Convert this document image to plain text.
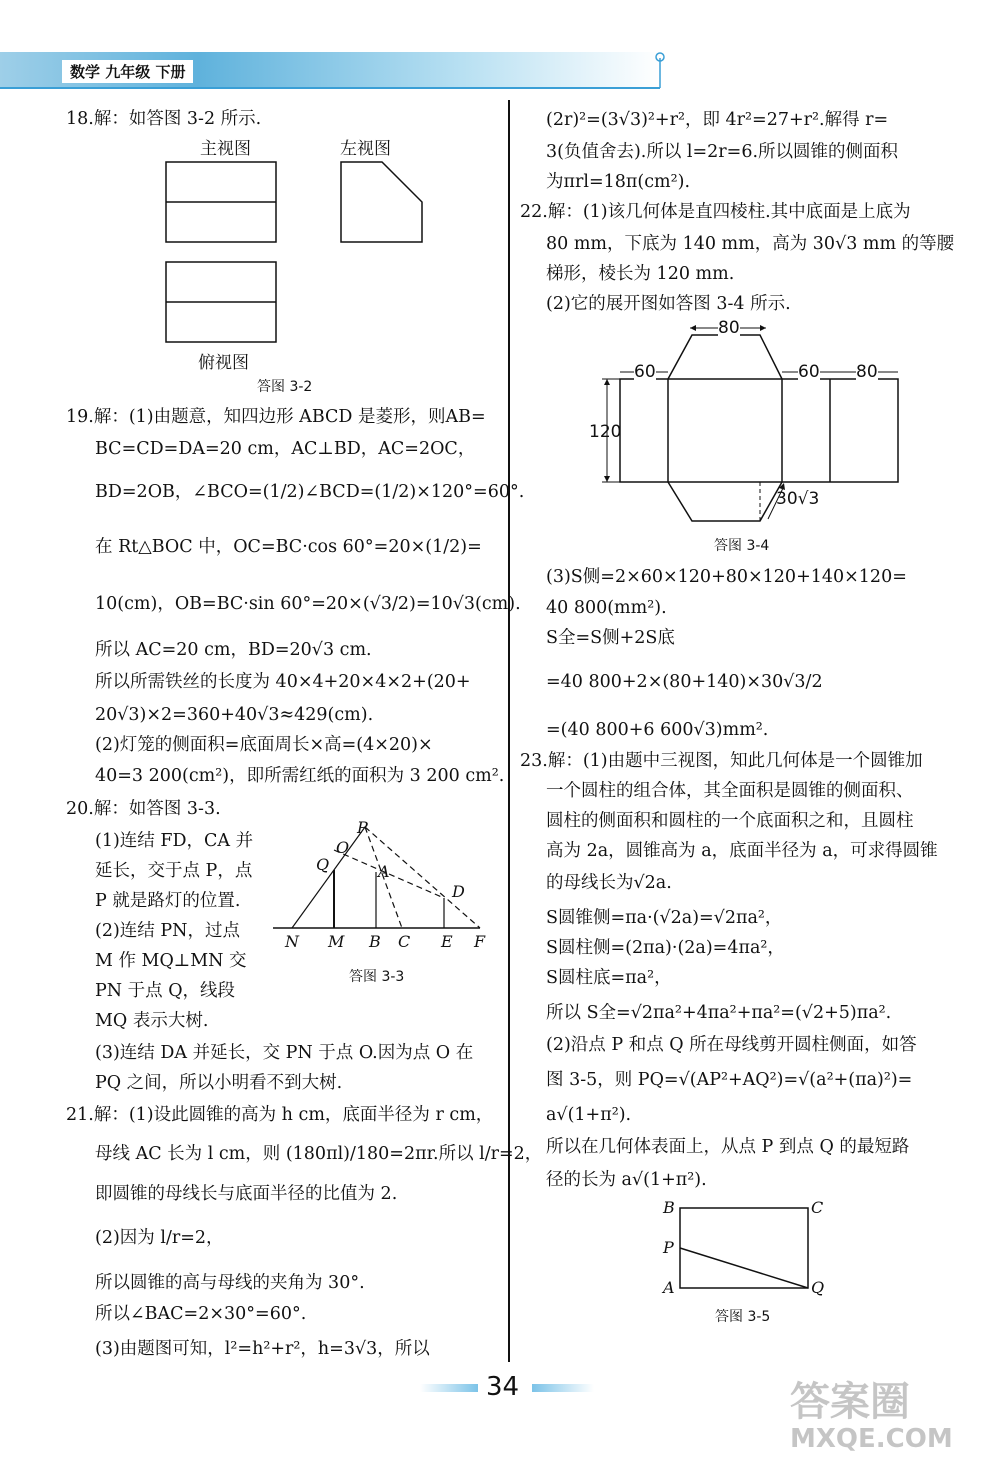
数学 九年级 下册
18.解：如答图 3-2 所示.
19.解：(1)由题意，知四边形 ABCD 是菱形，则AB=
BC=CD=DA=20 cm，AC⊥BD，AC=2OC，
BD=2OB，∠BCO=(1/2)∠BCD=(1/2)×120°=60°.
在 Rt△BOC 中，OC=BC·cos 60°=20×(1/2)=
10(cm)，OB=BC·sin 60°=20×(√3/2)=10√3(cm).
所以 AC=20 cm，BD=20√3 cm.
所以所需铁丝的长度为 40×4+20×4×2+(20+
20√3)×2=360+40√3≈429(cm).
(2)灯笼的侧面积=底面周长×高=(4×20)×
40=3 200(cm²)，即所需红纸的面积为 3 200 cm².
20.解：如答图 3-3.
(1)连结 FD，CA 并
延长，交于点 P，点
P 就是路灯的位置.
(2)连结 PN，过点
M 作 MQ⊥MN 交
PN 于点 Q，线段
MQ 表示大树.
(3)连结 DA 并延长，交 PN 于点 O.因为点 O 在
PQ 之间，所以小明看不到大树.
21.解：(1)设此圆锥的高为 h cm，底面半径为 r cm，
母线 AC 长为 l cm，则 (180πl)/180=2πr.所以 l/r=2，
即圆锥的母线长与底面半径的比值为 2.
(2)因为 l/r=2，
所以圆锥的高与母线的夹角为 30°.
所以∠BAC=2×30°=60°.
(3)由题图可知，l²=h²+r²，h=3√3，所以
(2r)²=(3√3)²+r²，即 4r²=27+r².解得 r=
3(负值舍去).所以 l=2r=6.所以圆锥的侧面积
为πrl=18π(cm²).
22.解：(1)该几何体是直四棱柱.其中底面是上底为
80 mm，下底为 140 mm，高为 30√3 mm 的等腰
梯形，棱长为 120 mm.
(2)它的展开图如答图 3-4 所示.
(3)S侧=2×60×120+80×120+140×120=
40 800(mm²).
S全=S侧+2S底
=40 800+2×(80+140)×30√3/2
=(40 800+6 600√3)mm².
23.解：(1)由题中三视图，知此几何体是一个圆锥加
一个圆柱的组合体，其全面积是圆锥的侧面积、
圆柱的侧面积和圆柱的一个底面积之和，且圆柱
高为 2a，圆锥高为 a，底面半径为 a，可求得圆锥
的母线长为√2a.
S圆锥侧=πa·(√2a)=√2πa²，
S圆柱侧=(2πa)·(2a)=4πa²，
S圆柱底=πa²，
所以 S全=√2πa²+4πa²+πa²=(√2+5)πa².
(2)沿点 P 和点 Q 所在母线剪开圆柱侧面，如答
图 3-5，则 PQ=√(AP²+AQ²)=√(a²+(πa)²)=
a√(1+π²).
所以在几何体表面上，从点 P 到点 Q 的最短路
径的长为 a√(1+π²).
主视图	左视图
俯视图
答图 3-2
P
O
Q	A
D
N M B C E F
答图 3-3
80
60	60 80
120
30√3
答图 3-4
B	C
P
A	Q
答图 3-5
34	答案圈
MXQE.COM
